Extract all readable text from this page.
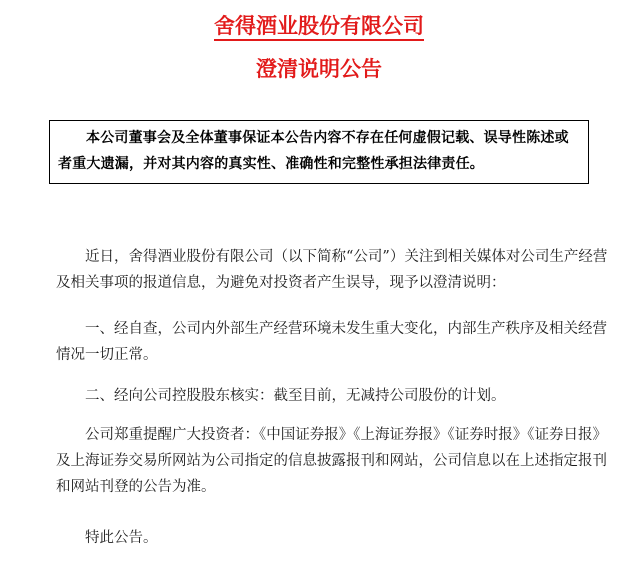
舍得酒业股份有限公司
澄清说明公告

本公司董事会及全体董事保证本公告内容不存在任何虚假记载、误导性陈述或者重大遗漏，并对其内容的真实性、准确性和完整性承担法律责任。

近日，舍得酒业股份有限公司（以下简称“公司”）关注到相关媒体对公司生产经营及相关事项的报道信息，为避免对投资者产生误导，现予以澄清说明：

一、经自查，公司内外部生产经营环境未发生重大变化，内部生产秩序及相关经营情况一切正常。

二、经向公司控股股东核实：截至目前，无减持公司股份的计划。

公司郑重提醒广大投资者：《中国证券报》《上海证券报》《证券时报》《证券日报》及上海证券交易所网站为公司指定的信息披露报刊和网站，公司信息以在上述指定报刊和网站刊登的公告为准。

特此公告。
